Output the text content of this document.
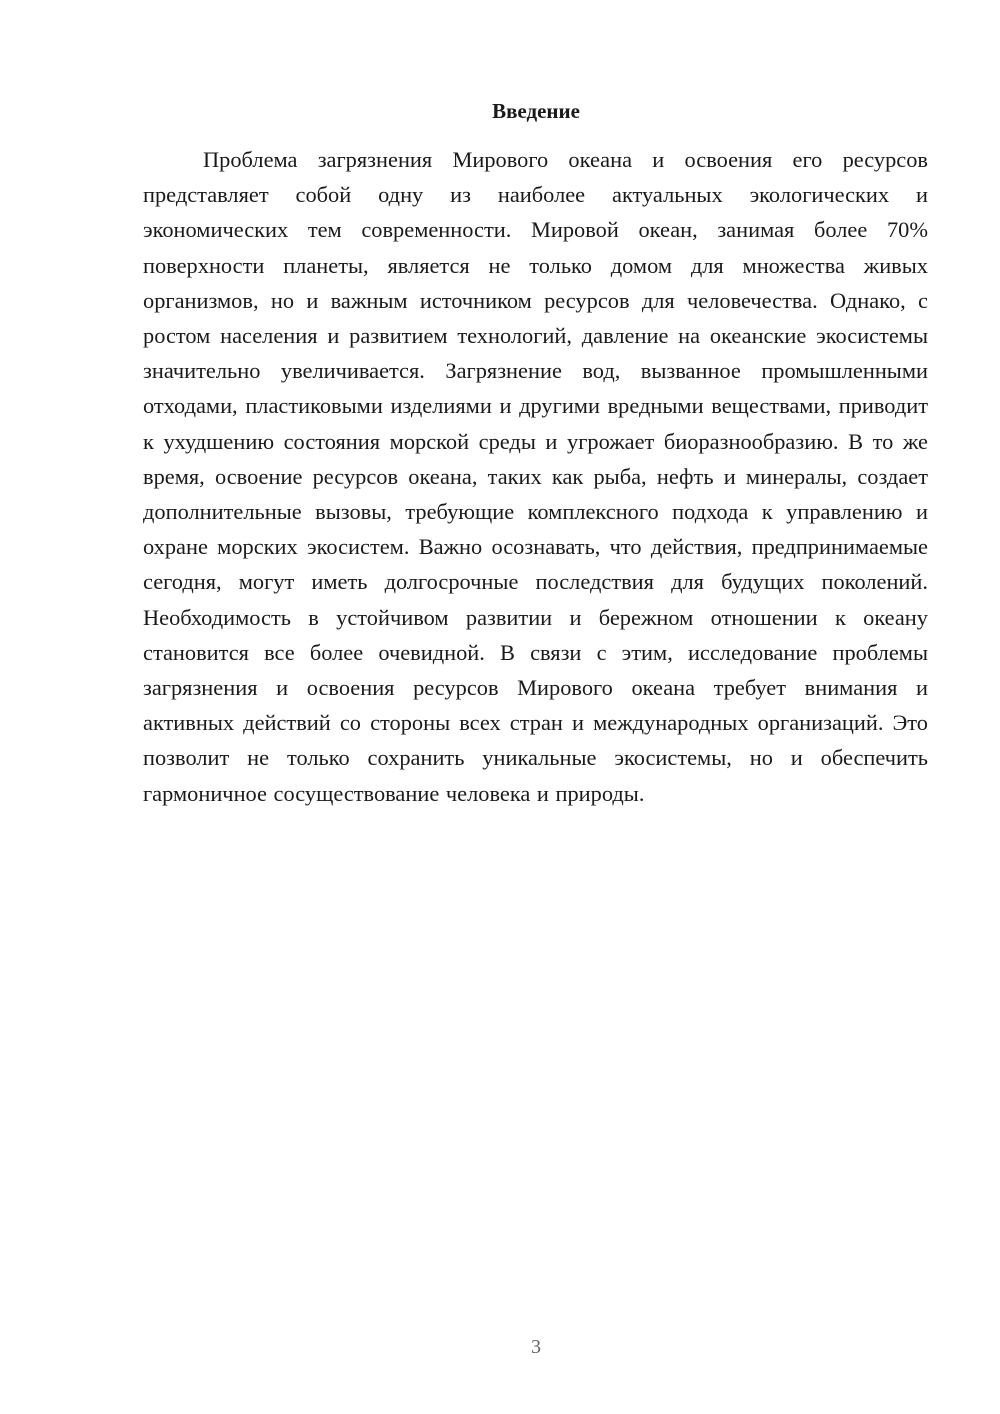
Введение

Проблема загрязнения Мирового океана и освоения его ресурсов представляет собой одну из наиболее актуальных экологических и экономических тем современности. Мировой океан, занимая более 70% поверхности планеты, является не только домом для множества живых организмов, но и важным источником ресурсов для человечества. Однако, с ростом населения и развитием технологий, давление на океанские экосистемы значительно увеличивается. Загрязнение вод, вызванное промышленными отходами, пластиковыми изделиями и другими вредными веществами, приводит к ухудшению состояния морской среды и угрожает биоразнообразию. В то же время, освоение ресурсов океана, таких как рыба, нефть и минералы, создает дополнительные вызовы, требующие комплексного подхода к управлению и охране морских экосистем. Важно осознавать, что действия, предпринимаемые сегодня, могут иметь долгосрочные последствия для будущих поколений. Необходимость в устойчивом развитии и бережном отношении к океану становится все более очевидной. В связи с этим, исследование проблемы загрязнения и освоения ресурсов Мирового океана требует внимания и активных действий со стороны всех стран и международных организаций. Это позволит не только сохранить уникальные экосистемы, но и обеспечить гармоничное сосуществование человека и природы.

3
